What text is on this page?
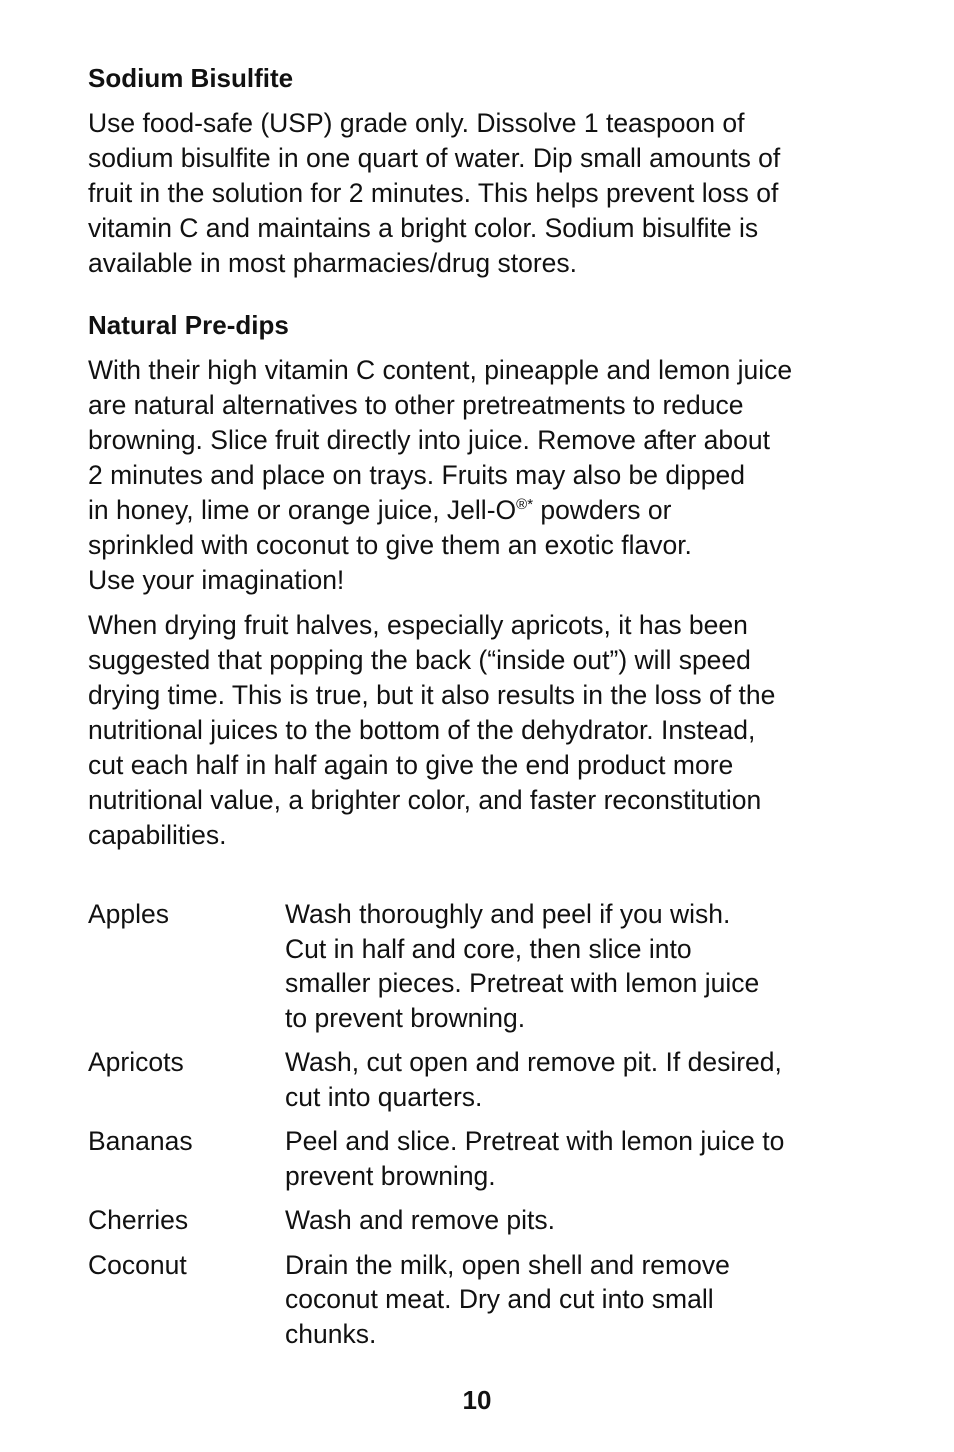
Sodium Bisulfite

Use food-safe (USP) grade only. Dissolve 1 teaspoon of
sodium bisulfite in one quart of water. Dip small amounts of
fruit in the solution for 2 minutes. This helps prevent loss of
vitamin C and maintains a bright color. Sodium bisulfite is
available in most pharmacies/drug stores.

Natural Pre-dips

With their high vitamin C content, pineapple and lemon juice
are natural alternatives to other pretreatments to reduce
browning. Slice fruit directly into juice. Remove after about
2 minutes and place on trays. Fruits may also be dipped
in honey, lime or orange juice, Jell-O®* powders or
sprinkled with coconut to give them an exotic flavor.
Use your imagination!

When drying fruit halves, especially apricots, it has been
suggested that popping the back (“inside out”) will speed
drying time. This is true, but it also results in the loss of the
nutritional juices to the bottom of the dehydrator. Instead,
cut each half in half again to give the end product more
nutritional value, a brighter color, and faster reconstitution
capabilities.

Apples	Wash thoroughly and peel if you wish.
Cut in half and core, then slice into
smaller pieces. Pretreat with lemon juice
to prevent browning.
Apricots	Wash, cut open and remove pit. If desired,
cut into quarters.
Bananas	Peel and slice. Pretreat with lemon juice to
prevent browning.
Cherries	Wash and remove pits.
Coconut	Drain the milk, open shell and remove
coconut meat. Dry and cut into small
chunks.
10
